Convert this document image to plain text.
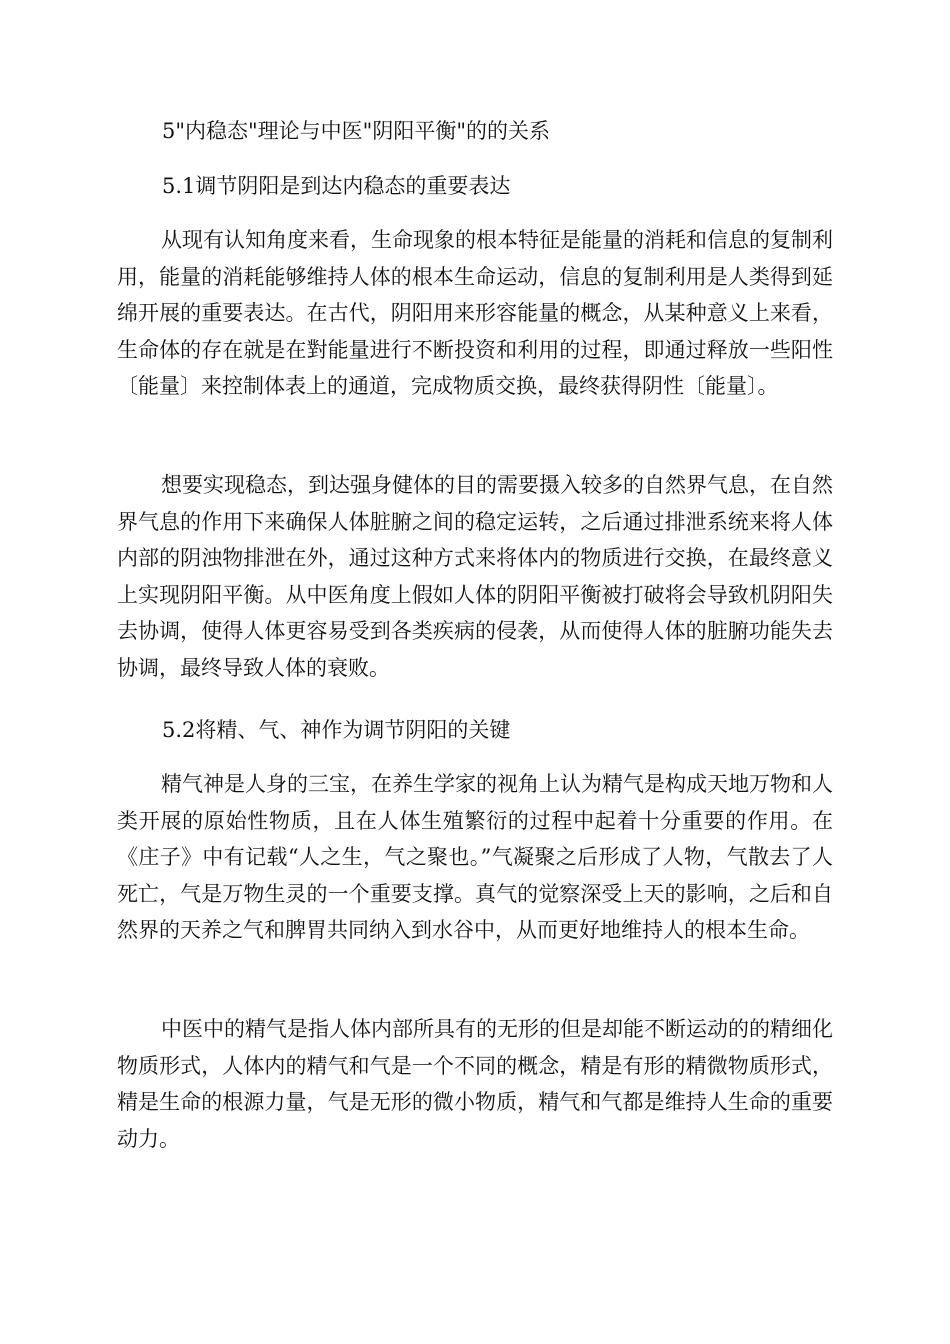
5"内稳态"理论与中医"阴阳平衡"的的关系
5.1调节阴阳是到达内稳态的重要表达

从现有认知角度来看，生命现象的根本特征是能量的消耗和信息的复制利用，能量的消耗能够维持人体的根本生命运动，信息的复制利用是人类得到延绵开展的重要表达。在古代，阴阳用来形容能量的概念，从某种意义上来看，生命体的存在就是在對能量进行不断投资和利用的过程，即通过释放一些阳性〔能量〕来控制体表上的通道，完成物质交换，最终获得阴性〔能量〕。

想要实现稳态，到达强身健体的目的需要摄入较多的自然界气息，在自然界气息的作用下来确保人体脏腑之间的稳定运转，之后通过排泄系统来将人体内部的阴浊物排泄在外，通过这种方式来将体内的物质进行交换，在最终意义上实现阴阳平衡。从中医角度上假如人体的阴阳平衡被打破将会导致机阴阳失去协调，使得人体更容易受到各类疾病的侵袭，从而使得人体的脏腑功能失去协调，最终导致人体的衰败。

5.2将精、气、神作为调节阴阳的关键

精气神是人身的三宝，在养生学家的视角上认为精气是构成天地万物和人类开展的原始性物质，且在人体生殖繁衍的过程中起着十分重要的作用。在《庄子》中有记载“人之生，气之聚也。”气凝聚之后形成了人物，气散去了人死亡，气是万物生灵的一个重要支撑。真气的觉察深受上天的影响，之后和自然界的天养之气和脾胃共同纳入到水谷中，从而更好地维持人的根本生命。

中医中的精气是指人体内部所具有的无形的但是却能不断运动的的精细化物质形式，人体内的精气和气是一个不同的概念，精是有形的精微物质形式，精是生命的根源力量，气是无形的微小物质，精气和气都是维持人生命的重要动力。
